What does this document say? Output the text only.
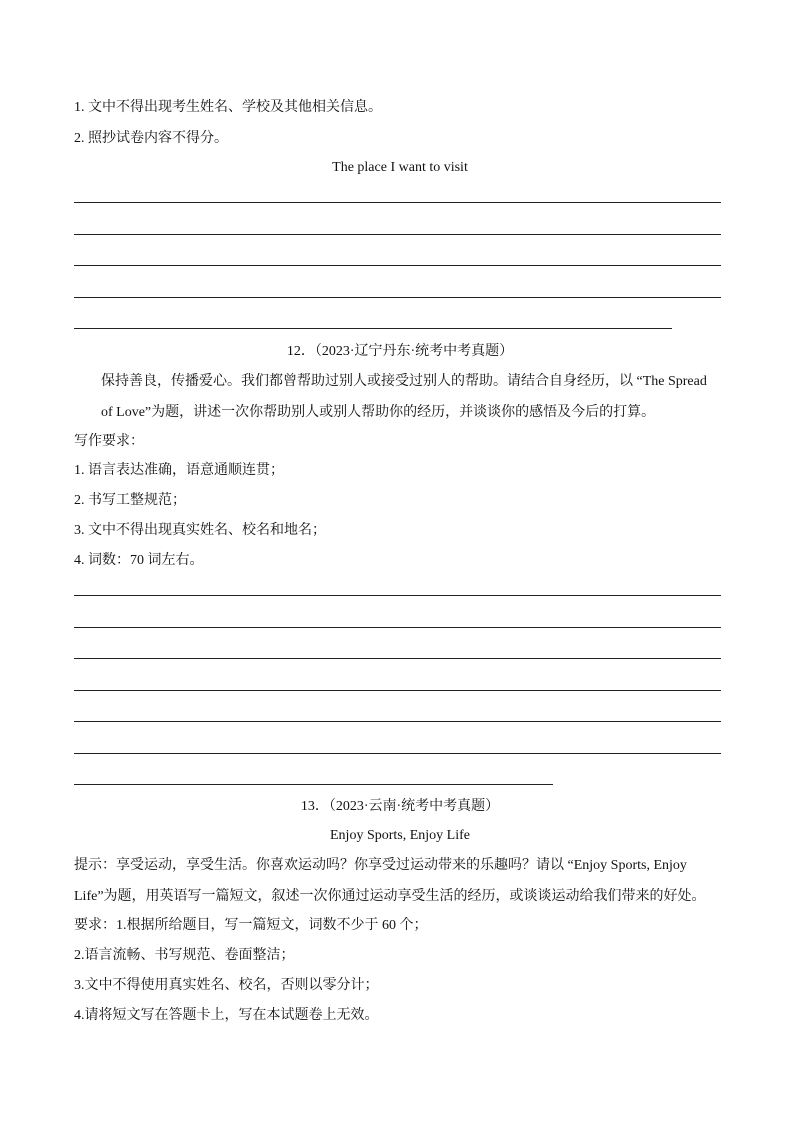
1. 文中不得出现考生姓名、学校及其他相关信息。
2. 照抄试卷内容不得分。
The place I want to visit
12．（2023·辽宁丹东·统考中考真题）
保持善良，传播爱心。我们都曾帮助过别人或接受过别人的帮助。请结合自身经历，以 “The Spread
of Love”为题，讲述一次你帮助别人或别人帮助你的经历，并谈谈你的感悟及今后的打算。
写作要求：
1. 语言表达准确，语意通顺连贯；
2. 书写工整规范；
3. 文中不得出现真实姓名、校名和地名；
4. 词数：70 词左右。
13．（2023·云南·统考中考真题）
Enjoy Sports, Enjoy Life
提示：享受运动，享受生活。你喜欢运动吗？你享受过运动带来的乐趣吗？请以 “Enjoy Sports, Enjoy
Life”为题，用英语写一篇短文，叙述一次你通过运动享受生活的经历，或谈谈运动给我们带来的好处。
要求：1.根据所给题目，写一篇短文，词数不少于 60 个；
2.语言流畅、书写规范、卷面整洁；
3.文中不得使用真实姓名、校名，否则以零分计；
4.请将短文写在答题卡上，写在本试题卷上无效。
